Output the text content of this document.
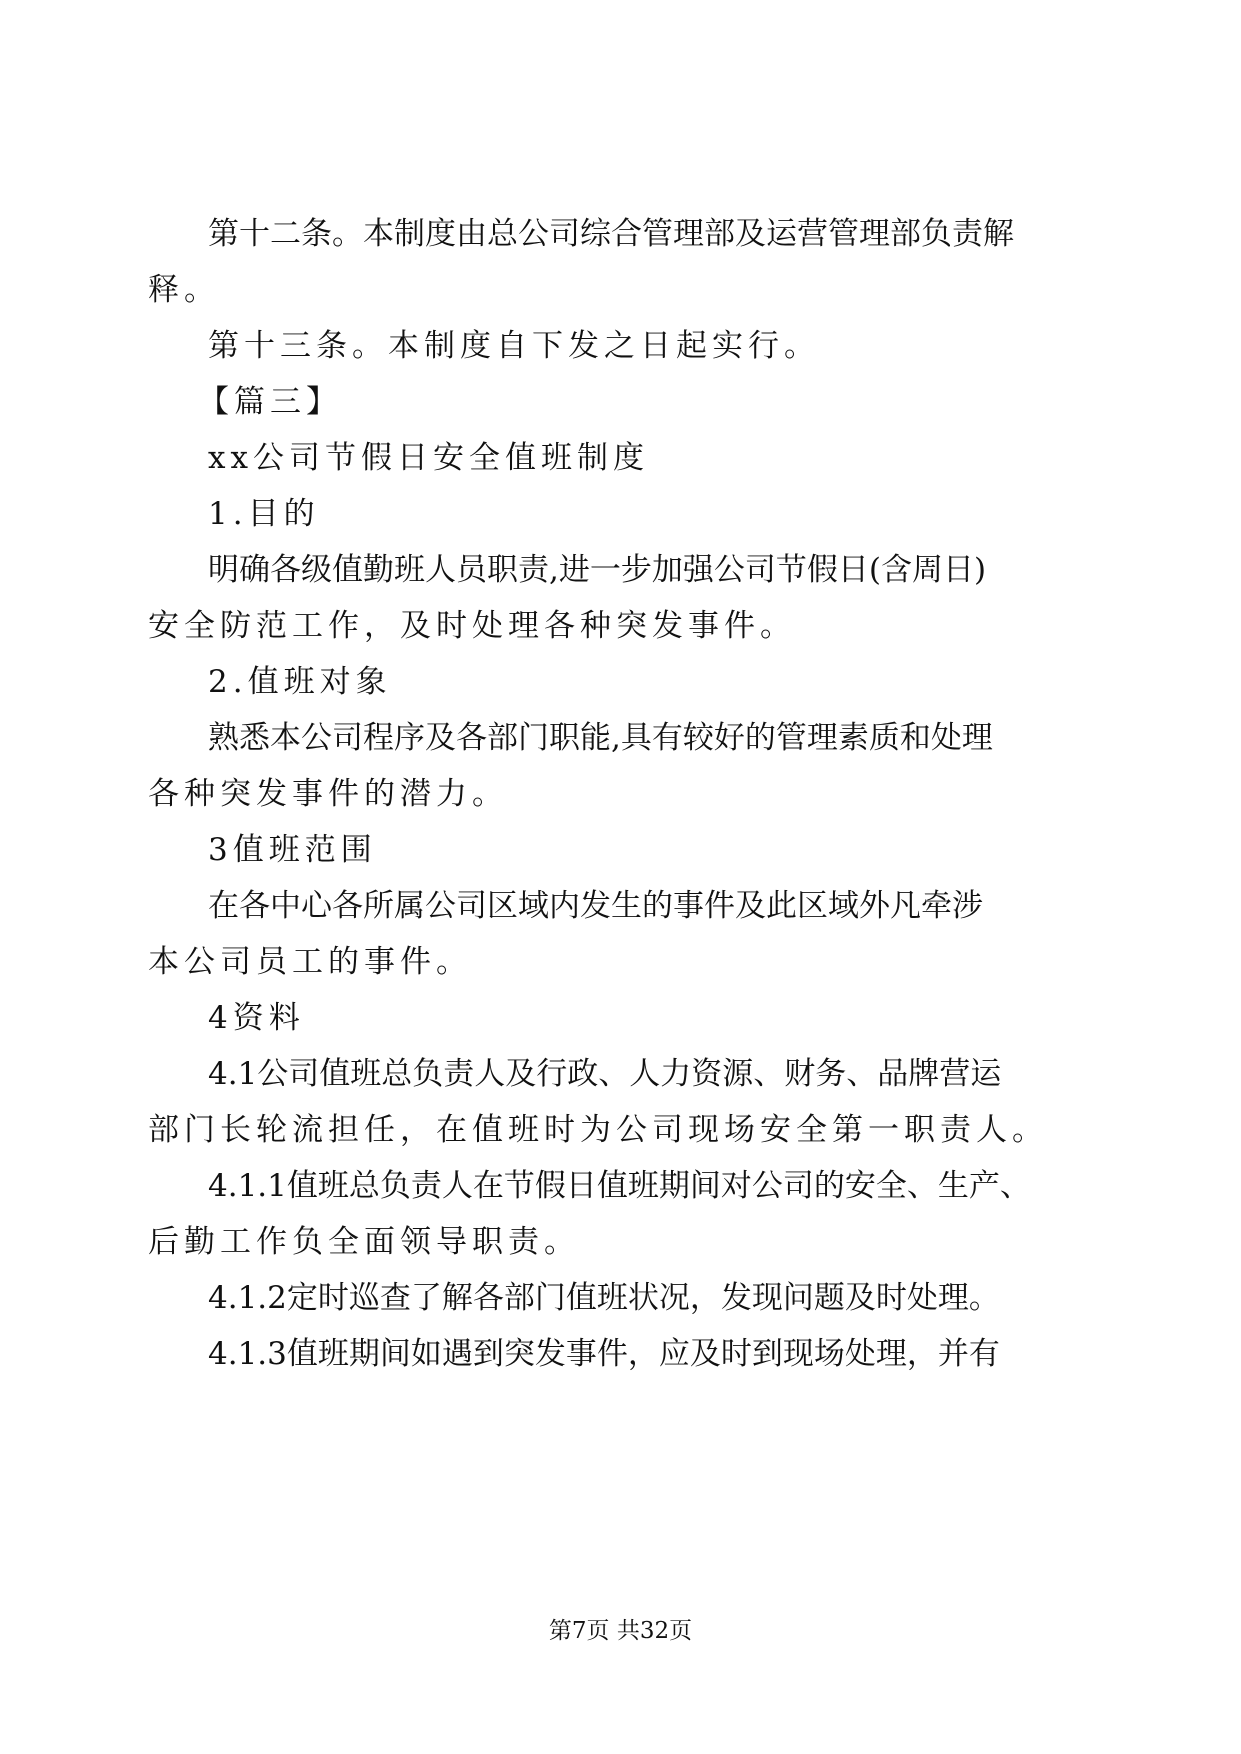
第十二条。本制度由总公司综合管理部及运营管理部负责解
释。
第十三条。本制度自下发之日起实行。
【篇三】
xx公司节假日安全值班制度
1.目的
明确各级值勤班人员职责,进一步加强公司节假日(含周日)
安全防范工作，及时处理各种突发事件。
2.值班对象
熟悉本公司程序及各部门职能,具有较好的管理素质和处理
各种突发事件的潜力。
3值班范围
在各中心各所属公司区域内发生的事件及此区域外凡牵涉
本公司员工的事件。
4资料
4.1公司值班总负责人及行政、人力资源、财务、品牌营运
部门长轮流担任，在值班时为公司现场安全第一职责人。
4.1.1值班总负责人在节假日值班期间对公司的安全、生产、
后勤工作负全面领导职责。
4.1.2定时巡查了解各部门值班状况，发现问题及时处理。
4.1.3值班期间如遇到突发事件，应及时到现场处理，并有
第7页 共32页
